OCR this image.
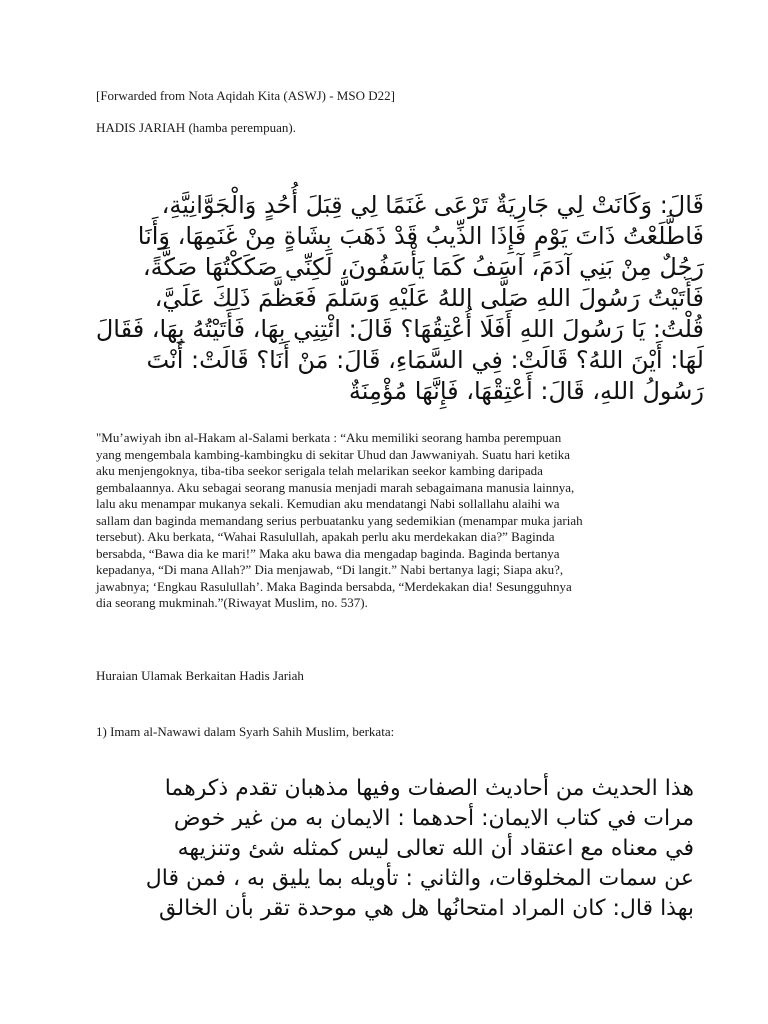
[Forwarded from Nota Aqidah Kita (ASWJ) - MSO D22]
HADIS JARIAH (hamba perempuan).
قَالَ: وَكَانَتْ لِي جَارِيَةٌ تَرْعَى غَنَمًا لِي قِبَلَ أُحُدٍ وَالْجَوَّانِيَّةِ،
فَاطَّلَعْتُ ذَاتَ يَوْمٍ فَإِذَا الذِّيبُ قَدْ ذَهَبَ بِشَاةٍ مِنْ غَنَمِهَا، وَأَنَا
رَجُلٌ مِنْ بَنِي آدَمَ، آسَفُ كَمَا يَأْسَفُونَ، لَكِنِّي صَكَكْتُهَا صَكَّةً،
فَأَتَيْتُ رَسُولَ اللهِ صَلَّى اللهُ عَلَيْهِ وَسَلَّمَ فَعَظَّمَ ذَلِكَ عَلَيَّ،
قُلْتُ: يَا رَسُولَ اللهِ أَفَلَا أُعْتِقُهَا؟ قَالَ: ائْتِنِي بِهَا، فَأَتَيْتُهُ بِهَا، فَقَالَ
لَهَا: أَيْنَ اللهُ؟ قَالَتْ: فِي السَّمَاءِ، قَالَ: مَنْ أَنَا؟ قَالَتْ: أَنْتَ
رَسُولُ اللهِ، قَالَ: أَعْتِقْهَا، فَإِنَّهَا مُؤْمِنَةٌ
"Mu’awiyah ibn al-Hakam al-Salami berkata : “Aku memiliki seorang hamba perempuan
yang mengembala kambing-kambingku di sekitar Uhud dan Jawwaniyah. Suatu hari ketika
aku menjengoknya, tiba-tiba seekor serigala telah melarikan seekor kambing daripada
gembalaannya. Aku sebagai seorang manusia menjadi marah sebagaimana manusia lainnya,
lalu aku menampar mukanya sekali. Kemudian aku mendatangi Nabi sollallahu alaihi wa
sallam dan baginda memandang serius perbuatanku yang sedemikian (menampar muka jariah
tersebut). Aku berkata, “Wahai Rasulullah, apakah perlu aku merdekakan dia?” Baginda
bersabda, “Bawa dia ke mari!” Maka aku bawa dia mengadap baginda. Baginda bertanya
kepadanya, “Di mana Allah?” Dia menjawab, “Di langit.” Nabi bertanya lagi; Siapa aku?,
jawabnya; ‘Engkau Rasulullah’. Maka Baginda bersabda, “Merdekakan dia! Sesungguhnya
dia seorang mukminah.”(Riwayat Muslim, no. 537).
Huraian Ulamak Berkaitan Hadis Jariah
1) Imam al-Nawawi dalam Syarh Sahih Muslim, berkata:
هذا الحديث من أحاديث الصفات وفيها مذهبان تقدم ذكرهما
مرات في كتاب الايمان: أحدهما : الايمان به من غير خوض
في معناه مع اعتقاد أن الله تعالى ليس كمثله شئ وتنزيهه
عن سمات المخلوقات، والثاني : تأويله بما يليق به ، فمن قال
بهذا قال: كان المراد امتحانُها هل هي موحدة تقر بأن الخالق
